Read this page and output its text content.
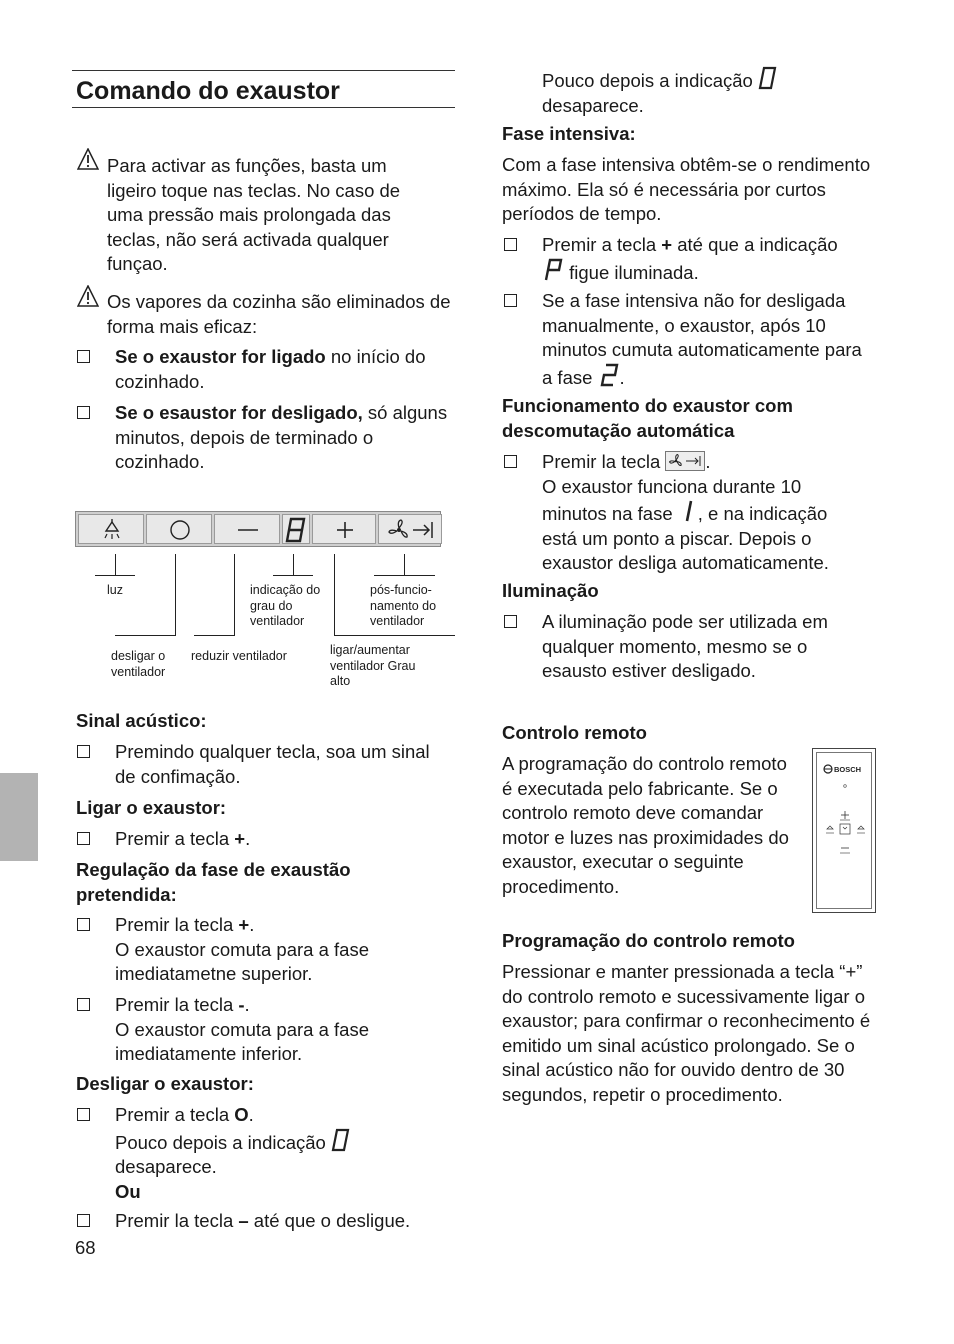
Comando do exaustor
Para activar as funções, basta um ligeiro toque nas teclas. No caso de uma pressão mais prolongada das teclas, não será activada qualquer funçao.
Os vapores da cozinha são eliminados de forma mais eficaz:
Se o exaustor for ligado no início do cozinhado.
Se o esaustor for desligado, só alguns minutos, depois de terminado o cozinhado.
luz	indicação do grau do ventilador
pós-funcio-namento do ventilador
desligar o ventilador
reduzir ventilador	ligar/aumentar ventilador Grau alto
Sinal acústico:
Premindo qualquer tecla, soa um sinal de confimação.
Ligar o exaustor:
Premir a tecla +.
Regulação da fase de exaustão pretendida:
Premir la tecla +.
O exaustor comuta para a fase imediatametne superior.
Premir la tecla -.
O exaustor comuta para a fase imediatamente inferior.
Desligar o exaustor:
Premir a tecla O.
Pouco depois a indicação
desaparece.
Ou
Premir la tecla – até que o desligue.
68
Pouco depois a indicação
desaparece.
Fase intensiva:
Com a fase intensiva obtêm-se o rendimento máximo. Ela só é necessária por curtos períodos de tempo.
Premir a tecla + até que a indicação
figue iluminada.
Se a fase intensiva não for desligada manualmente, o exaustor, após 10 minutos cumuta automaticamente para a fase .
Funcionamento do exaustor com descomutação automática
Premir la tecla .
O exaustor funciona durante 10 minutos na fase , e na indicação está um ponto a piscar. Depois o exaustor desliga automaticamente.
Iluminação
A iluminação pode ser utilizada em qualquer momento, mesmo se o esausto estiver desligado.
Controlo remoto
A programação do controlo remoto é executada pelo fabricante. Se o controlo remoto deve comandar motor e luzes nas proximidades do exaustor, executar o seguinte procedimento.
BOSCH
Programação do controlo remoto
Pressionar e manter pressionada a tecla “+” do controlo remoto e sucessivamente ligar o exaustor; para confirmar o reconhecimento é emitido um sinal acústico prolongado. Se o sinal acústico não for ouvido dentro de 30 segundos, repetir o procedimento.
